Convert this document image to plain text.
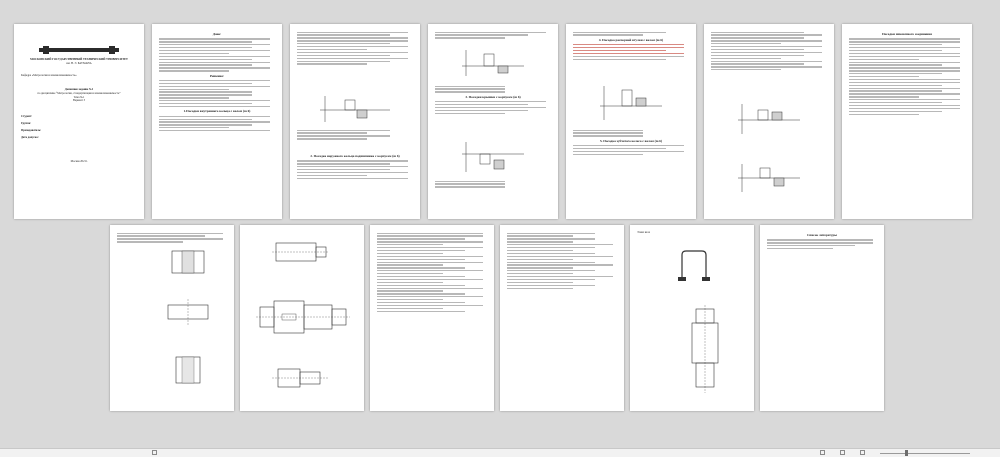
МОСКОВСКИЙ ГОСУДАРСТВЕННЫЙ ТЕХНИЧЕСКИЙ УНИВЕРСИТЕТ
им. Н. Э. БАУМАНА
Кафедра «Метрология и взаимозаменяемость»
Домашнее задание №1
по дисциплине “Метрология, стандартизация и взаимозаменяемость”
Тема №1
Вариант 3
Студент:
Группа:
Преподаватель:
Дата допуска:
Москва 2021г.
Дано:
Решение:
1.Посадки внутреннего кольца с валом (m 6)
2. Посадка наружного кольца подшипника с корпусом (m 6)
3. Посадки крышки с корпусом (m 6)
4. Посадка распорной втулки с валом (m 6)
5. Посадка зубчатого колеса с валом (m 6)
Посадки шпоночного соединения
Эскиз вала
Список литературы
